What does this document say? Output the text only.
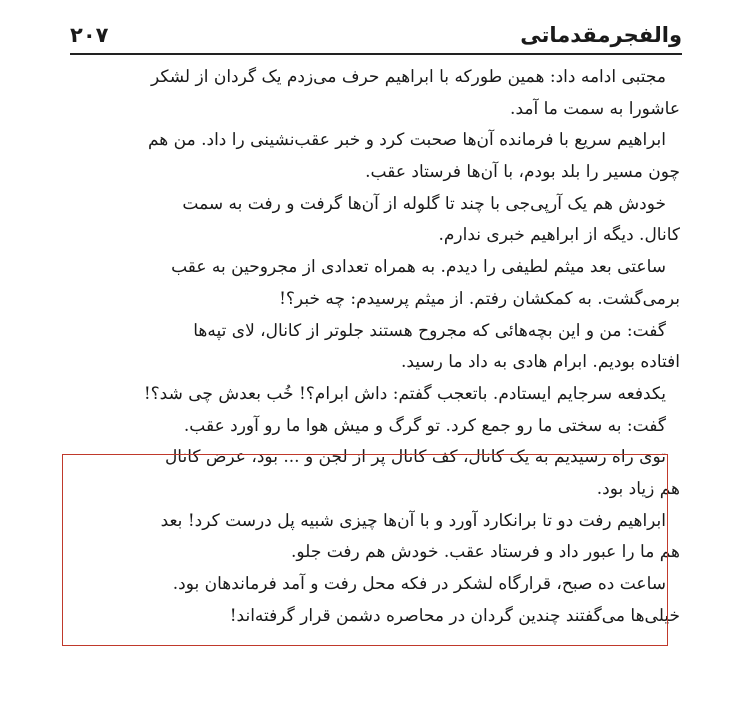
والفجرمقدماتی
۲۰۷
مجتبی ادامه داد: همین طورکه با ابراهیم حرف می‌زدم یک گردان از لشکر
عاشورا به سمت ما آمد.
ابراهیم سریع با فرمانده آن‌ها صحبت کرد و خبر عقب‌نشینی را داد. من هم
چون مسیر را بلد بودم، با آن‌ها فرستاد عقب.
خودش هم یک آرپی‌جی با چند تا گلوله از آن‌ها گرفت و رفت به سمت
کانال. دیگه از ابراهیم خبری ندارم.
ساعتی بعد میثم لطیفی را دیدم. به همراه تعدادی از مجروحین به عقب
برمی‌گشت. به کمکشان رفتم. از میثم پرسیدم: چه خبر؟!
گفت: من و این بچه‌هائی که مجروح هستند جلوتر از کانال، لای تپه‌ها
افتاده بودیم. ابرام هادی به داد ما رسید.
یکدفعه سرجایم ایستادم. باتعجب گفتم: داش ابرام؟! خُب بعدش چی شد؟!
گفت: به سختی ما رو جمع کرد. تو گرگ و میش هوا ما رو آورد عقب.
توی راه رسیدیم به یک کانال، کف کانال پر از لجن و ... بود، عرض کانال
هم زیاد بود.
ابراهیم رفت دو تا برانکارد آورد و با آن‌ها چیزی شبیه پل درست کرد! بعد
هم ما را عبور داد و فرستاد عقب. خودش هم رفت جلو.
ساعت ده صبح، قرارگاه لشکر در فکه محل رفت و آمد فرماندهان بود.
خیلی‌ها می‌گفتند چندین گردان در محاصره دشمن قرار گرفته‌اند!
